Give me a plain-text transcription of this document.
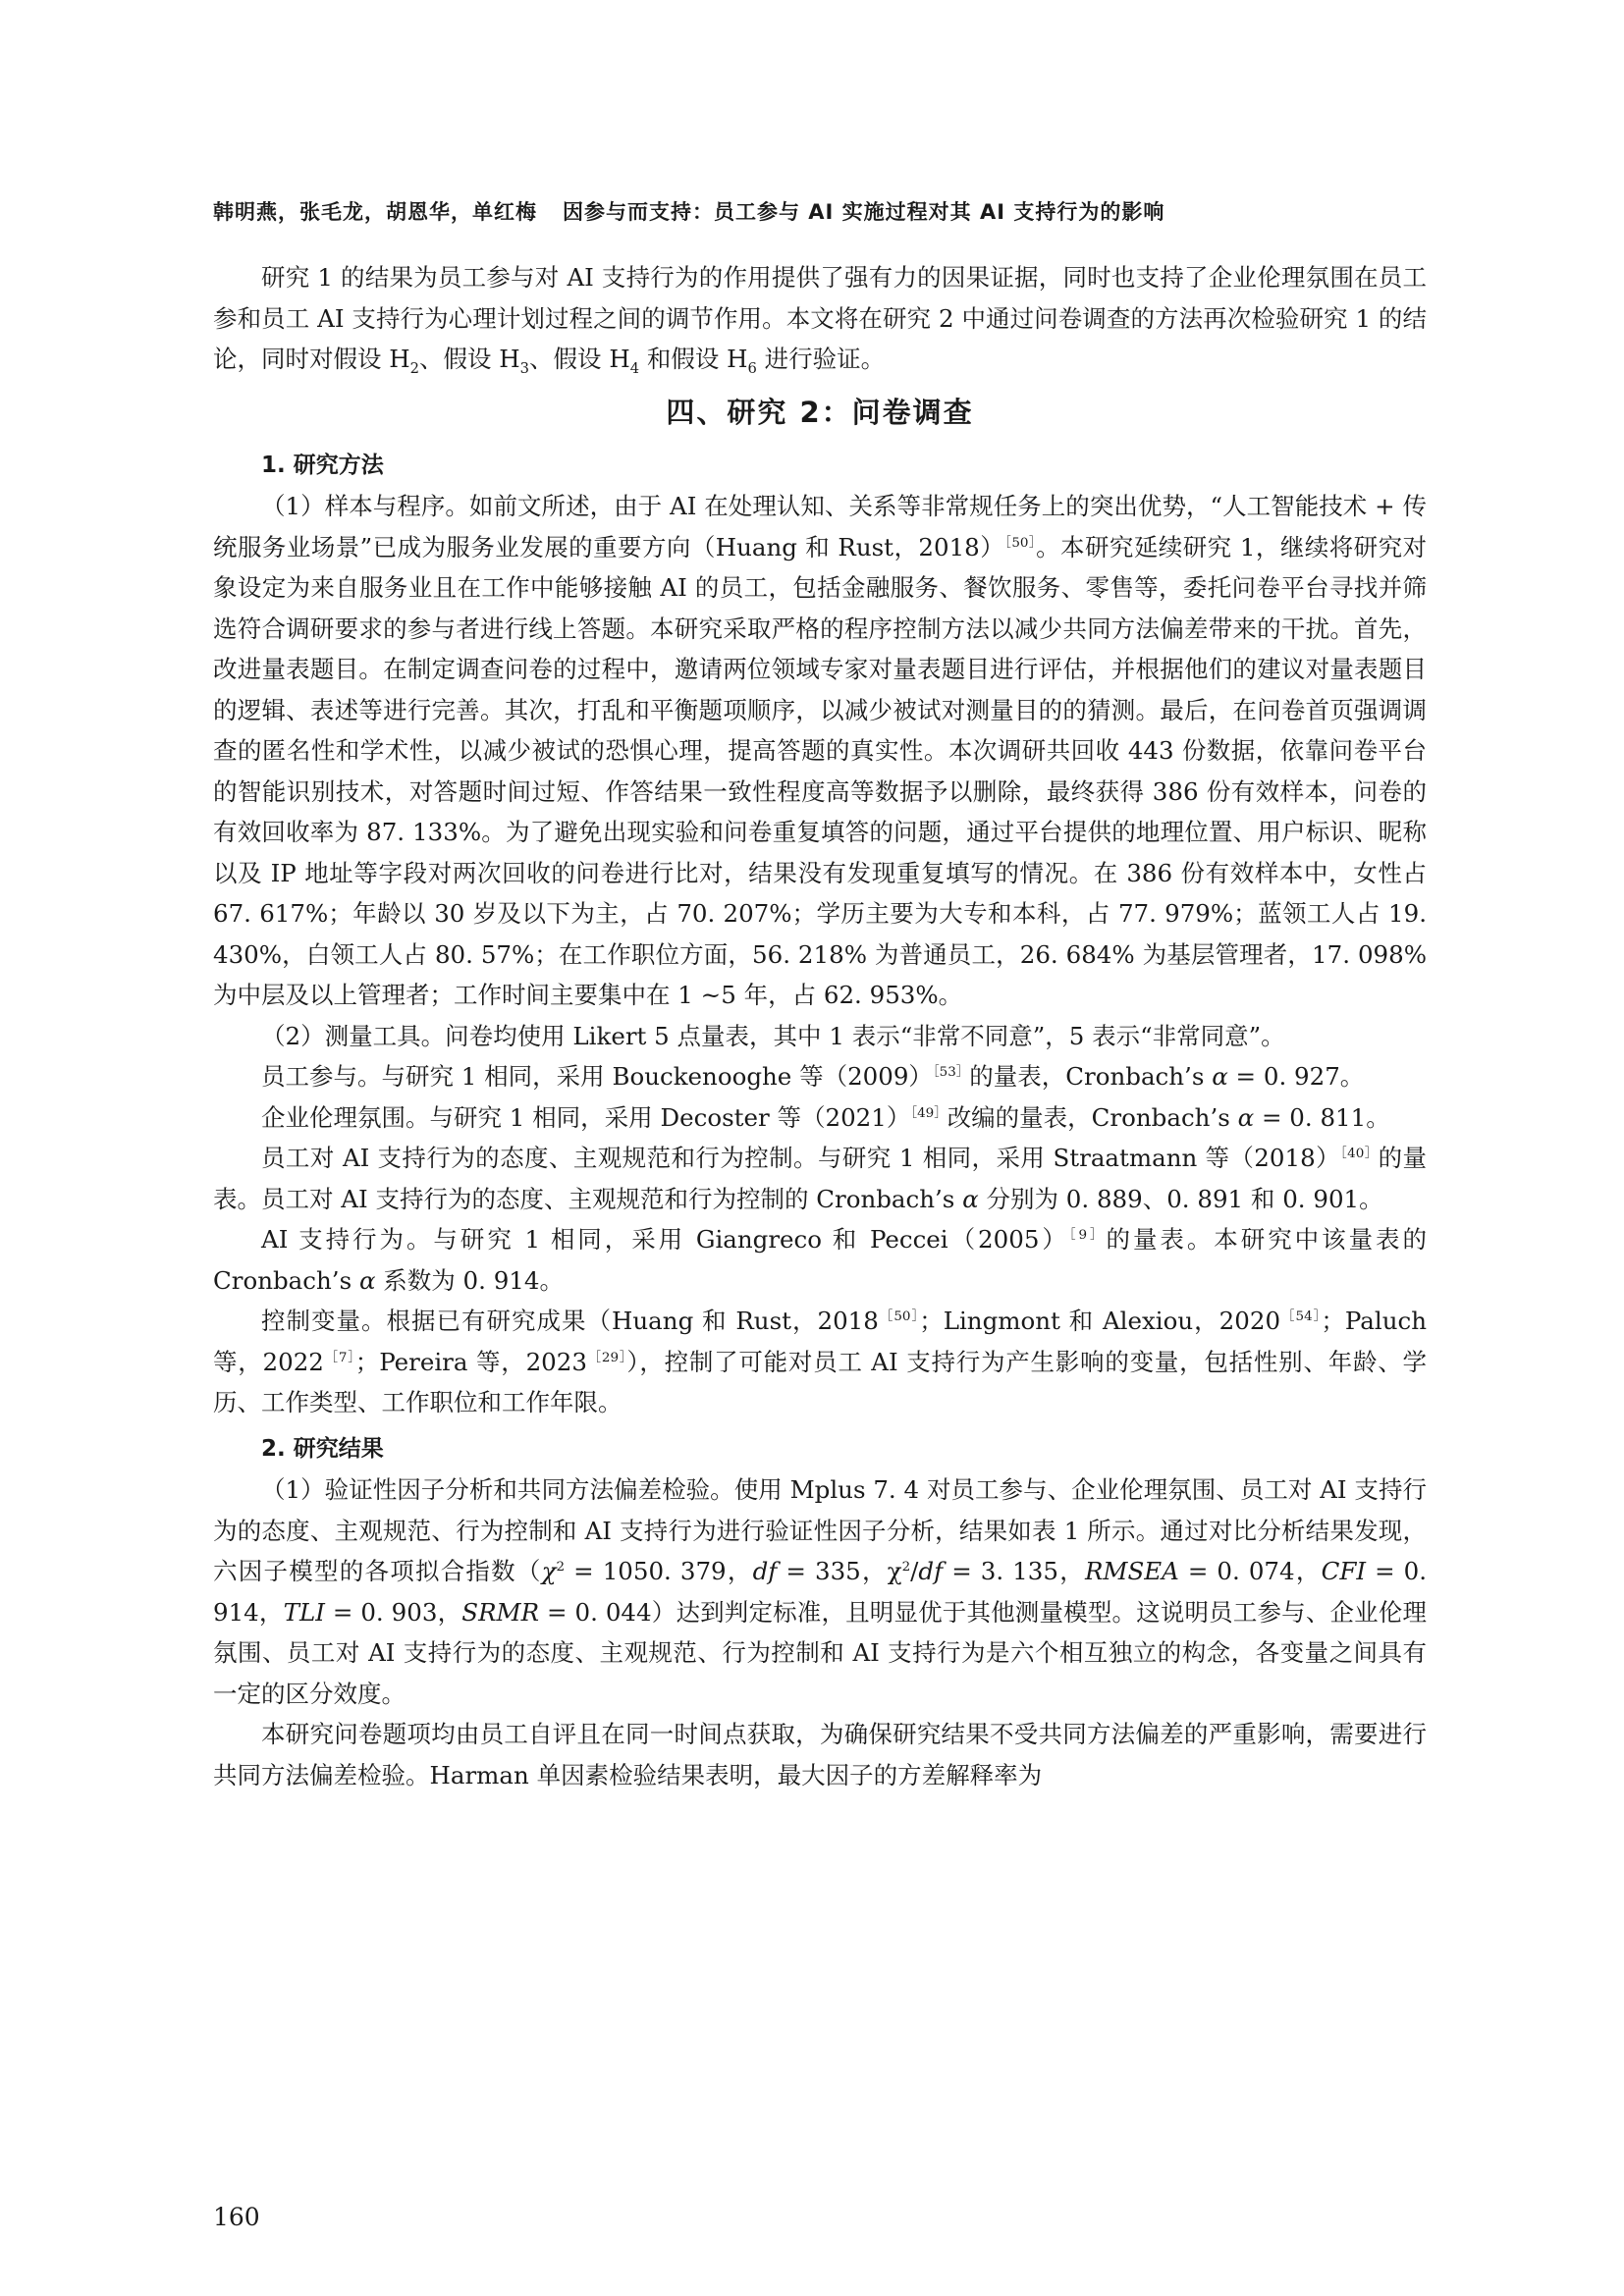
韩明燕，张毛龙，胡恩华，单红梅 因参与而支持：员工参与 AI 实施过程对其 AI 支持行为的影响

研究 1 的结果为员工参与对 AI 支持行为的作用提供了强有力的因果证据，同时也支持了企业伦理氛围在员工参和员工 AI 支持行为心理计划过程之间的调节作用。本文将在研究 2 中通过问卷调查的方法再次检验研究 1 的结论，同时对假设 $H_2$、假设 $H_3$、假设 $H_4$ 和假设 $H_6$ 进行验证。

四、研究 2：问卷调查
1. 研究方法

（1）样本与程序。如前文所述，由于 AI 在处理认知、关系等非常规任务上的突出优势，“人工智能技术 + 传统服务业场景”已成为服务业发展的重要方向（Huang 和 Rust，2018）$^{[50]}$。本研究延续研究 1，继续将研究对象设定为来自服务业且在工作中能够接触 AI 的员工，包括金融服务、餐饮服务、零售等，委托问卷平台寻找并筛选符合调研要求的参与者进行线上答题。本研究采取严格的程序控制方法以减少共同方法偏差带来的干扰。首先，改进量表题目。在制定调查问卷的过程中，邀请两位领域专家对量表题目进行评估，并根据他们的建议对量表题目的逻辑、表述等进行完善。其次，打乱和平衡题项顺序，以减少被试对测量目的的猜测。最后，在问卷首页强调调查的匿名性和学术性，以减少被试的恐惧心理，提高答题的真实性。本次调研共回收 443 份数据，依靠问卷平台的智能识别技术，对答题时间过短、作答结果一致性程度高等数据予以删除，最终获得 386 份有效样本，问卷的有效回收率为 87. 133%。为了避免出现实验和问卷重复填答的问题，通过平台提供的地理位置、用户标识、昵称以及 IP 地址等字段对两次回收的问卷进行比对，结果没有发现重复填写的情况。在 386 份有效样本中，女性占 67. 617%；年龄以 30 岁及以下为主，占 70. 207%；学历主要为大专和本科，占 77. 979%；蓝领工人占 19. 430%，白领工人占 80. 57%；在工作职位方面，56. 218% 为普通员工，26. 684% 为基层管理者，17. 098% 为中层及以上管理者；工作时间主要集中在 1 ~5 年，占 62. 953%。

（2）测量工具。问卷均使用 Likert 5 点量表，其中 1 表示“非常不同意”，5 表示“非常同意”。

员工参与。与研究 1 相同，采用 Bouckenooghe 等$(2009)^{[53]}$的量表，Cronbach’s α = 0. 927。

企业伦理氛围。与研究 1 相同，采用 Decoster 等$(2021)^{[49]}$改编的量表，Cronbach’s α = 0. 811。

员工对 AI 支持行为的态度、主观规范和行为控制。与研究 1 相同，采用 Straatmann 等$(2018)^{[40]}$的量表。员工对 AI 支持行为的态度、主观规范和行为控制的 Cronbach’s α 分别为 0. 889、0. 891 和 0. 901。

AI 支持行为。与研究 1 相同，采用 Giangreco 和 $Peccei(2005)^{[9]}$的量表。本研究中该量表的 Cronbach’s α 系数为 0. 914。

控制变量。根据已有研究成果（Huang 和 Rust，$2018^{[50]}$；Lingmont 和 Alexiou，$2020^{[54]}$；Paluch 等，$2022^{[7]}$；Pereira 等，$2023^{[29]}$），控制了可能对员工 AI 支持行为产生影响的变量，包括性别、年龄、学历、工作类型、工作职位和工作年限。

2. 研究结果

（1）验证性因子分析和共同方法偏差检验。使用 Mplus 7. 4 对员工参与、企业伦理氛围、员工对 AI 支持行为的态度、主观规范、行为控制和 AI 支持行为进行验证性因子分析，结果如表 1 所示。通过对比分析结果发现，六因子模型的各项拟合指数（$\chi^2 = 1050$. 379，df = 335，$\chi^2/df = 3$. 135，RMSEA = 0. 074，CFI = 0. 914，TLI = 0. 903，SRMR = 0. 044）达到判定标准，且明显优于其他测量模型。这说明员工参与、企业伦理氛围、员工对 AI 支持行为的态度、主观规范、行为控制和 AI 支持行为是六个相互独立的构念，各变量之间具有一定的区分效度。

本研究问卷题项均由员工自评且在同一时间点获取，为确保研究结果不受共同方法偏差的严重影响，需要进行共同方法偏差检验。Harman 单因素检验结果表明，最大因子的方差解释率为

160
